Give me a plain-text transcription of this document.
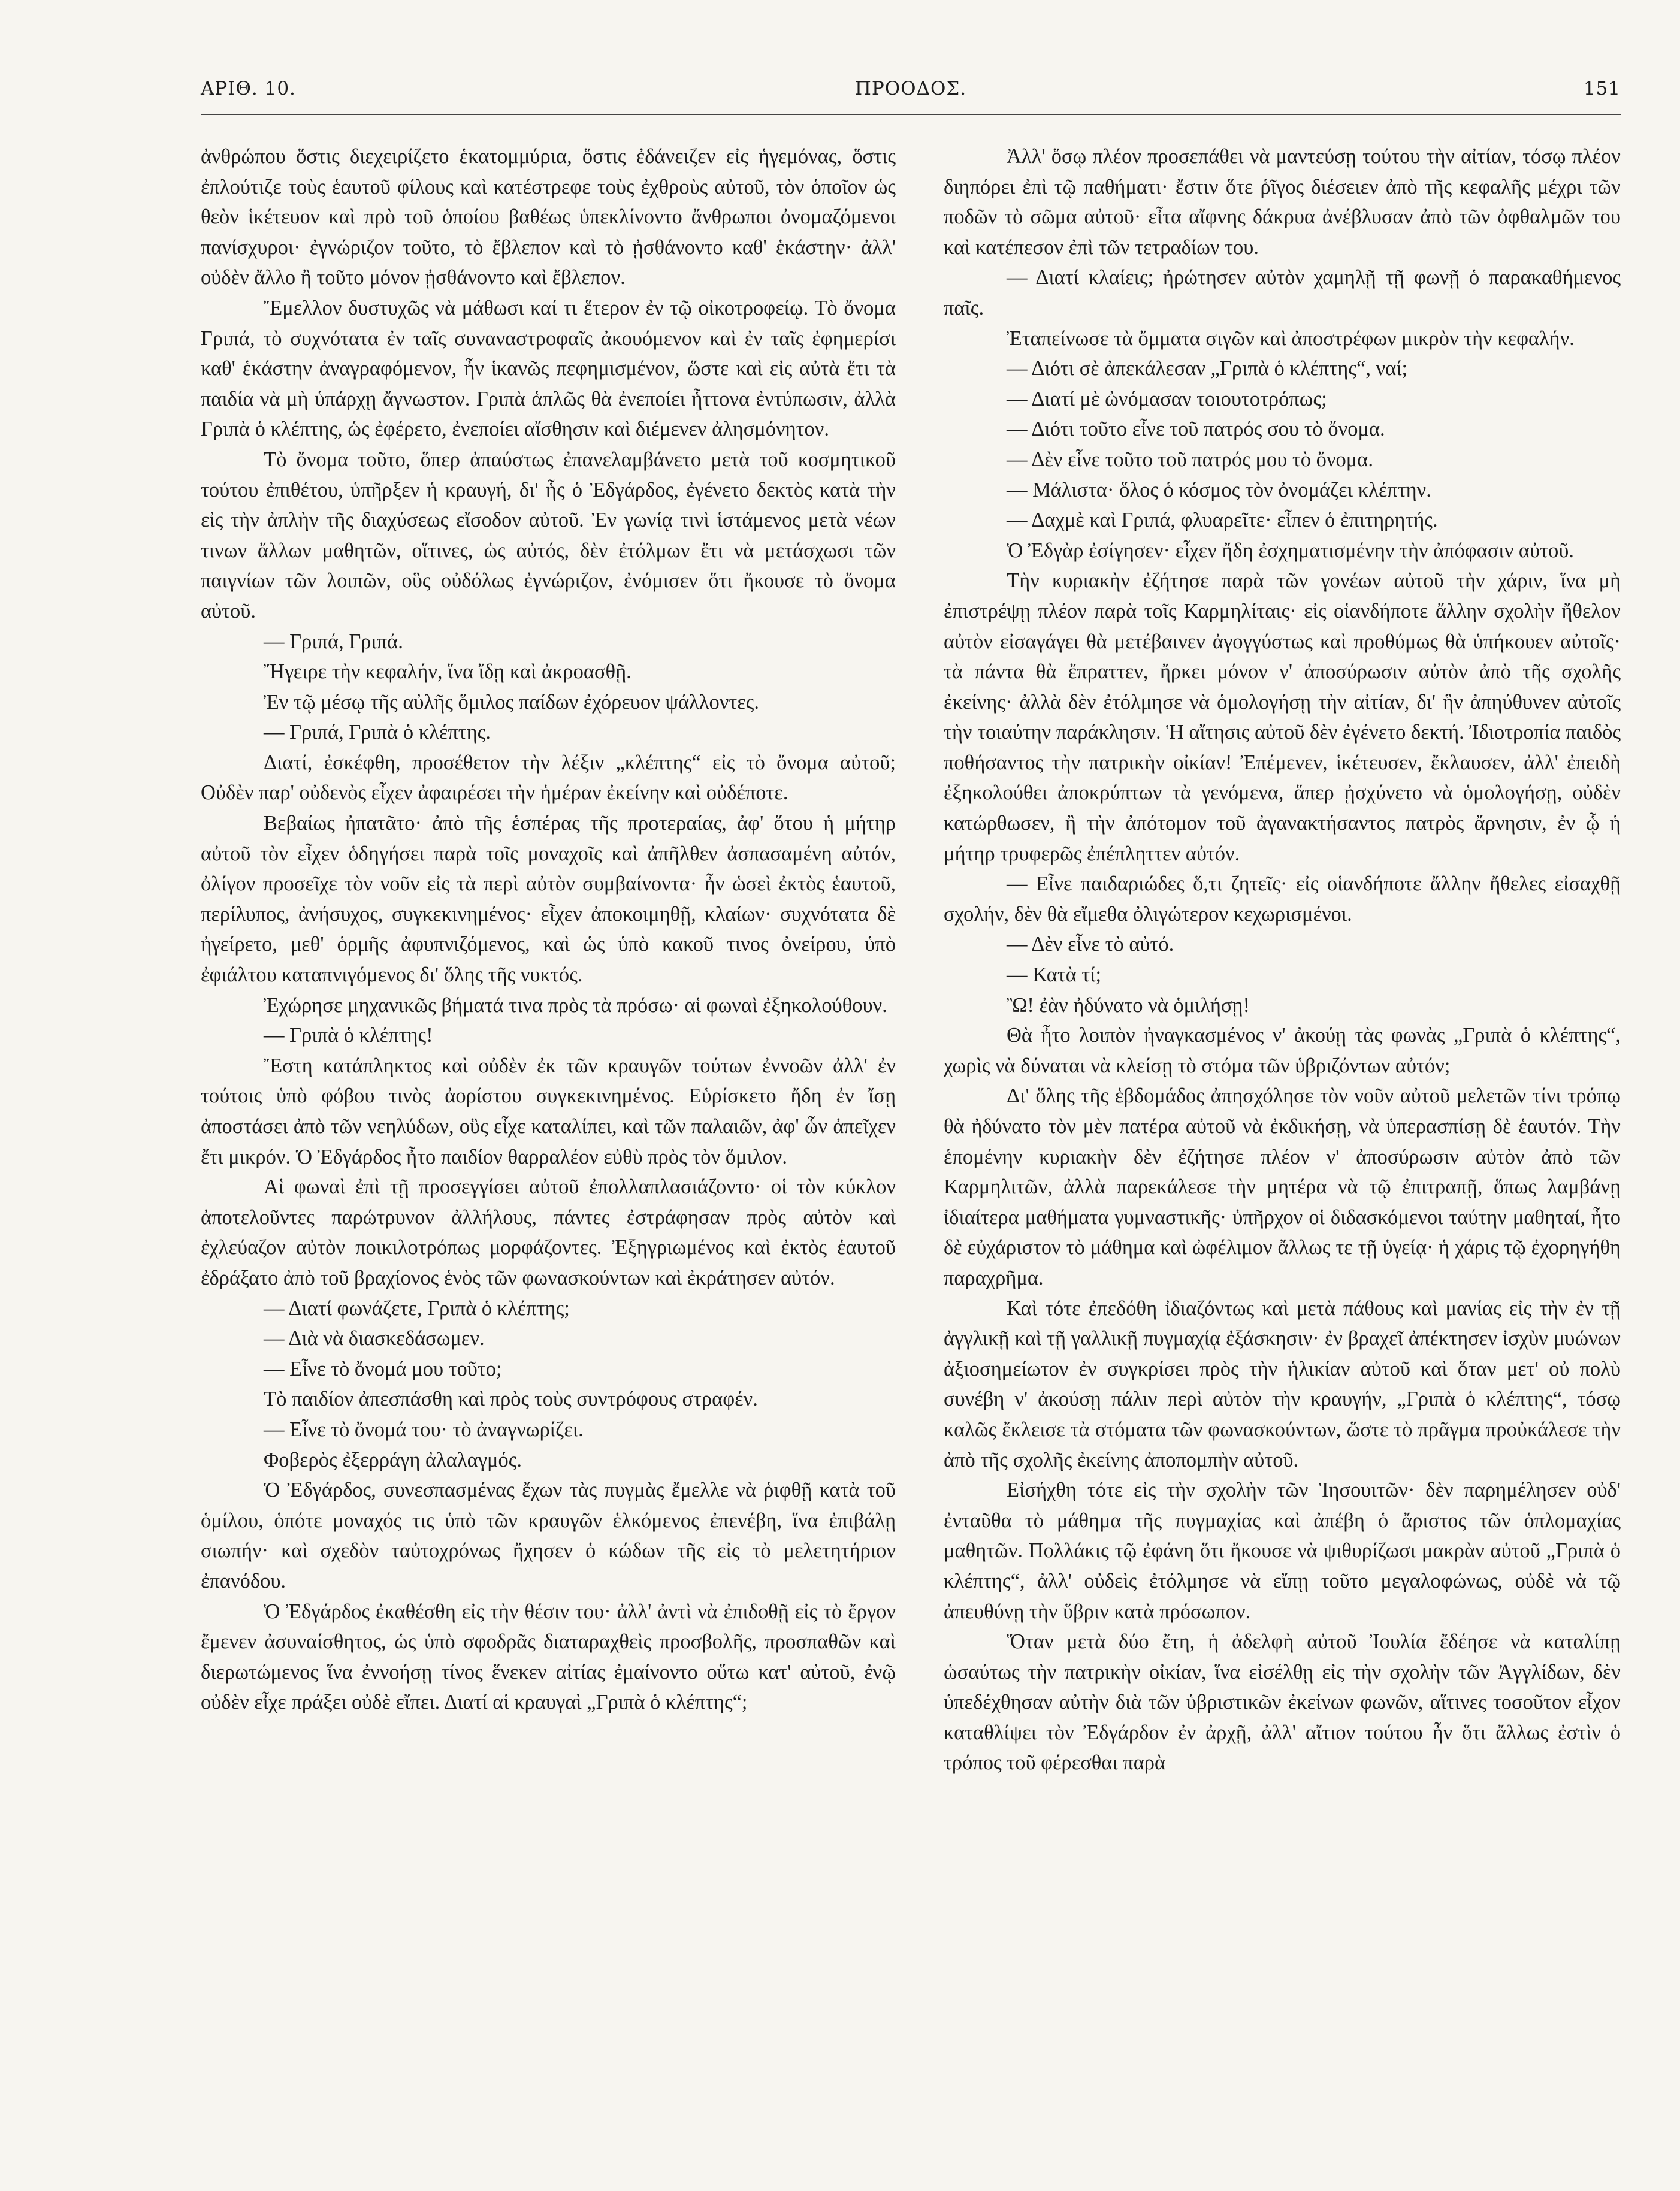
ΑΡΙΘ. 10.	ΠΡΟΟΔΟΣ.	151

ἀνθρώπου ὅστις διεχειρίζετο ἑκατομμύρια, ὅστις ἐδάνειζεν εἰς ἡγεμόνας, ὅστις ἐπλούτιζε τοὺς ἑαυτοῦ φίλους καὶ κατέστρεφε τοὺς ἐχθροὺς αὐτοῦ, τὸν ὁποῖον ὡς θεὸν ἱκέτευον καὶ πρὸ τοῦ ὁποίου βαθέως ὑπεκλίνοντο ἄνθρωποι ὀνομαζόμενοι πανίσχυροι· ἐγνώριζον τοῦτο, τὸ ἔβλεπον καὶ τὸ ᾐσθάνοντο καθ' ἑκάστην· ἀλλ' οὐδὲν ἄλλο ἢ τοῦτο μόνον ᾐσθάνοντο καὶ ἔβλεπον.

Ἔμελλον δυστυχῶς νὰ μάθωσι καί τι ἕτερον ἐν τῷ οἰκοτροφείῳ. Τὸ ὄνομα Γριπά, τὸ συχνότατα ἐν ταῖς συναναστροφαῖς ἀκουόμενον καὶ ἐν ταῖς ἐφημερίσι καθ' ἑκάστην ἀναγραφόμενον, ἦν ἱκανῶς πεφημισμένον, ὥστε καὶ εἰς αὐτὰ ἔτι τὰ παιδία νὰ μὴ ὑπάρχῃ ἄγνωστον. Γριπὰ ἁπλῶς θὰ ἐνεποίει ἧττονα ἐντύπωσιν, ἀλλὰ Γριπὰ ὁ κλέπτης, ὡς ἐφέρετο, ἐνεποίει αἴσθησιν καὶ διέμενεν ἀλησμόνητον.

Τὸ ὄνομα τοῦτο, ὅπερ ἀπαύστως ἐπανελαμβάνετο μετὰ τοῦ κοσμητικοῦ τούτου ἐπιθέτου, ὑπῆρξεν ἡ κραυγή, δι' ἧς ὁ Ἐδγάρδος, ἐγένετο δεκτὸς κατὰ τὴν εἰς τὴν ἀπλὴν τῆς διαχύσεως εἴσοδον αὐτοῦ. Ἐν γωνίᾳ τινὶ ἱστάμενος μετὰ νέων τινων ἄλλων μαθητῶν, οἵτινες, ὡς αὐτός, δὲν ἐτόλμων ἔτι νὰ μετάσχωσι τῶν παιγνίων τῶν λοιπῶν, οὓς οὐδόλως ἐγνώριζον, ἐνόμισεν ὅτι ἤκουσε τὸ ὄνομα αὐτοῦ.

— Γριπά, Γριπά.

Ἤγειρε τὴν κεφαλήν, ἵνα ἴδῃ καὶ ἀκροασθῇ.

Ἐν τῷ μέσῳ τῆς αὐλῆς ὅμιλος παίδων ἐχόρευον ψάλλοντες.

— Γριπά, Γριπὰ ὁ κλέπτης.

Διατί, ἐσκέφθη, προσέθετον τὴν λέξιν „κλέπτης“ εἰς τὸ ὄνομα αὐτοῦ; Οὐδὲν παρ' οὐδενὸς εἶχεν ἀφαιρέσει τὴν ἡμέραν ἐκείνην καὶ οὐδέποτε.

Βεβαίως ἠπατᾶτο· ἀπὸ τῆς ἑσπέρας τῆς προτεραίας, ἀφ' ὅτου ἡ μήτηρ αὐτοῦ τὸν εἶχεν ὁδηγήσει παρὰ τοῖς μοναχοῖς καὶ ἀπῆλθεν ἀσπασαμένη αὐτόν, ὀλίγον προσεῖχε τὸν νοῦν εἰς τὰ περὶ αὐτὸν συμβαίνοντα· ἦν ὡσεὶ ἐκτὸς ἑαυτοῦ, περίλυπος, ἀνήσυχος, συγκεκινημένος· εἶχεν ἀποκοιμηθῇ, κλαίων· συχνότατα δὲ ἠγείρετο, μεθ' ὁρμῆς ἀφυπνιζόμενος, καὶ ὡς ὑπὸ κακοῦ τινος ὀνείρου, ὑπὸ ἐφιάλτου καταπνιγόμενος δι' ὅλης τῆς νυκτός.

Ἐχώρησε μηχανικῶς βήματά τινα πρὸς τὰ πρόσω· αἱ φωναὶ ἐξηκολούθουν.

— Γριπὰ ὁ κλέπτης!

Ἔστη κατάπληκτος καὶ οὐδὲν ἐκ τῶν κραυγῶν τούτων ἐννοῶν ἀλλ' ἐν τούτοις ὑπὸ φόβου τινὸς ἀορίστου συγκεκινημένος. Εὑρίσκετο ἤδη ἐν ἴσῃ ἀποστάσει ἀπὸ τῶν νεηλύδων, οὓς εἶχε καταλίπει, καὶ τῶν παλαιῶν, ἀφ' ὧν ἀπεῖχεν ἔτι μικρόν. Ὁ Ἐδγάρδος ἦτο παιδίον θαρραλέον εὐθὺ πρὸς τὸν ὅμιλον.

Αἱ φωναὶ ἐπὶ τῇ προσεγγίσει αὐτοῦ ἐπολλαπλασιάζοντο· οἱ τὸν κύκλον ἀποτελοῦντες παρώτρυνον ἀλλήλους, πάντες ἐστράφησαν πρὸς αὐτὸν καὶ ἐχλεύαζον αὐτὸν ποικιλοτρόπως μορφάζοντες. Ἐξηγριωμένος καὶ ἐκτὸς ἑαυτοῦ ἐδράξατο ἀπὸ τοῦ βραχίονος ἑνὸς τῶν φωνασκούντων καὶ ἐκράτησεν αὐτόν.

— Διατί φωνάζετε, Γριπὰ ὁ κλέπτης;

— Διὰ νὰ διασκεδάσωμεν.

— Εἶνε τὸ ὄνομά μου τοῦτο;

Τὸ παιδίον ἀπεσπάσθη καὶ πρὸς τοὺς συντρόφους στραφέν.

— Εἶνε τὸ ὄνομά του· τὸ ἀναγνωρίζει.

Φοβερὸς ἐξερράγη ἀλαλαγμός.

Ὁ Ἐδγάρδος, συνεσπασμένας ἔχων τὰς πυγμὰς ἔμελλε νὰ ῥιφθῇ κατὰ τοῦ ὁμίλου, ὁπότε μοναχός τις ὑπὸ τῶν κραυγῶν ἑλκόμενος ἐπενέβη, ἵνα ἐπιβάλῃ σιωπήν· καὶ σχεδὸν ταὐτοχρόνως ἤχησεν ὁ κώδων τῆς εἰς τὸ μελετητήριον ἐπανόδου.

Ὁ Ἐδγάρδος ἐκαθέσθη εἰς τὴν θέσιν του· ἀλλ' ἀντὶ νὰ ἐπιδοθῇ εἰς τὸ ἔργον ἔμενεν ἀσυναίσθητος, ὡς ὑπὸ σφοδρᾶς διαταραχθεὶς προσβολῆς, προσπαθῶν καὶ διερωτώμενος ἵνα ἐννοήσῃ τίνος ἕνεκεν αἰτίας ἐμαίνοντο οὕτω κατ' αὐτοῦ, ἐνῷ οὐδὲν εἶχε πράξει οὐδὲ εἴπει. Διατί αἱ κραυγαὶ „Γριπὰ ὁ κλέπτης“;

Ἀλλ' ὅσῳ πλέον προσεπάθει νὰ μαντεύσῃ τούτου τὴν αἰτίαν, τόσῳ πλέον διηπόρει ἐπὶ τῷ παθήματι· ἔστιν ὅτε ῥῖγος διέσειεν ἀπὸ τῆς κεφαλῆς μέχρι τῶν ποδῶν τὸ σῶμα αὐτοῦ· εἶτα αἴφνης δάκρυα ἀνέβλυσαν ἀπὸ τῶν ὀφθαλμῶν του καὶ κατέπεσον ἐπὶ τῶν τετραδίων του.

— Διατί κλαίεις; ἠρώτησεν αὐτὸν χαμηλῇ τῇ φωνῇ ὁ παρακαθήμενος παῖς.

Ἐταπείνωσε τὰ ὄμματα σιγῶν καὶ ἀποστρέφων μικρὸν τὴν κεφαλήν.

— Διότι σὲ ἀπεκάλεσαν „Γριπὰ ὁ κλέπτης“, ναί;

— Διατί μὲ ὠνόμασαν τοιουτοτρόπως;

— Διότι τοῦτο εἶνε τοῦ πατρός σου τὸ ὄνομα.

— Δὲν εἶνε τοῦτο τοῦ πατρός μου τὸ ὄνομα.

— Μάλιστα· ὅλος ὁ κόσμος τὸν ὀνομάζει κλέπτην.

— Δαχμὲ καὶ Γριπά, φλυαρεῖτε· εἶπεν ὁ ἐπιτηρητής.

Ὁ Ἐδγὰρ ἐσίγησεν· εἶχεν ἤδη ἐσχηματισμένην τὴν ἀπόφασιν αὐτοῦ.

Τὴν κυριακὴν ἐζήτησε παρὰ τῶν γονέων αὐτοῦ τὴν χάριν, ἵνα μὴ ἐπιστρέψῃ πλέον παρὰ τοῖς Καρμηλίταις· εἰς οἱανδήποτε ἄλλην σχολὴν ἤθελον αὐτὸν εἰσαγάγει θὰ μετέβαινεν ἀγογγύστως καὶ προθύμως θὰ ὑπήκουεν αὐτοῖς· τὰ πάντα θὰ ἔπραττεν, ἤρκει μόνον ν' ἀποσύρωσιν αὐτὸν ἀπὸ τῆς σχολῆς ἐκείνης· ἀλλὰ δὲν ἐτόλμησε νὰ ὁμολογήσῃ τὴν αἰτίαν, δι' ἣν ἀπηύθυνεν αὐτοῖς τὴν τοιαύτην παράκλησιν. Ἡ αἴτησις αὐτοῦ δὲν ἐγένετο δεκτή. Ἰδιοτροπία παιδὸς ποθήσαντος τὴν πατρικὴν οἰκίαν! Ἐπέμενεν, ἱκέτευσεν, ἔκλαυσεν, ἀλλ' ἐπειδὴ ἐξηκολούθει ἀποκρύπτων τὰ γενόμενα, ἅπερ ᾐσχύνετο νὰ ὁμολογήσῃ, οὐδὲν κατώρθωσεν, ἢ τὴν ἀπότομον τοῦ ἀγανακτήσαντος πατρὸς ἄρνησιν, ἐν ᾧ ἡ μήτηρ τρυφερῶς ἐπέπληττεν αὐτόν.

— Εἶνε παιδαριώδες ὅ,τι ζητεῖς· εἰς οἱανδήποτε ἄλλην ἤθελες εἰσαχθῇ σχολήν, δὲν θὰ εἴμεθα ὀλιγώτερον κεχωρισμένοι.

— Δὲν εἶνε τὸ αὐτό.

— Κατὰ τί;

Ὢ! ἐὰν ἠδύνατο νὰ ὁμιλήσῃ!

Θὰ ἦτο λοιπὸν ἠναγκασμένος ν' ἀκούῃ τὰς φωνὰς „Γριπὰ ὁ κλέπτης“, χωρὶς νὰ δύναται νὰ κλείσῃ τὸ στόμα τῶν ὑβριζόντων αὐτόν;

Δι' ὅλης τῆς ἑβδομάδος ἀπησχόλησε τὸν νοῦν αὐτοῦ μελετῶν τίνι τρόπῳ θὰ ἠδύνατο τὸν μὲν πατέρα αὐτοῦ νὰ ἐκδικήσῃ, νὰ ὑπερασπίσῃ δὲ ἑαυτόν. Τὴν ἑπομένην κυριακὴν δὲν ἐζήτησε πλέον ν' ἀποσύρωσιν αὐτὸν ἀπὸ τῶν Καρμηλιτῶν, ἀλλὰ παρεκάλεσε τὴν μητέρα νὰ τῷ ἐπιτραπῇ, ὅπως λαμβάνῃ ἰδιαίτερα μαθήματα γυμναστικῆς· ὑπῆρχον οἱ διδασκόμενοι ταύτην μαθηταί, ἦτο δὲ εὐχάριστον τὸ μάθημα καὶ ὠφέλιμον ἄλλως τε τῇ ὑγείᾳ· ἡ χάρις τῷ ἐχορηγήθη παραχρῆμα.

Καὶ τότε ἐπεδόθη ἰδιαζόντως καὶ μετὰ πάθους καὶ μανίας εἰς τὴν ἐν τῇ ἀγγλικῇ καὶ τῇ γαλλικῇ πυγμαχίᾳ ἐξάσκησιν· ἐν βραχεῖ ἀπέκτησεν ἰσχὺν μυώνων ἀξιοσημείωτον ἐν συγκρίσει πρὸς τὴν ἡλικίαν αὐτοῦ καὶ ὅταν μετ' οὐ πολὺ συνέβη ν' ἀκούσῃ πάλιν περὶ αὐτὸν τὴν κραυγήν, „Γριπὰ ὁ κλέπτης“, τόσῳ καλῶς ἔκλεισε τὰ στόματα τῶν φωνασκούντων, ὥστε τὸ πρᾶγμα προὐκάλεσε τὴν ἀπὸ τῆς σχολῆς ἐκείνης ἀποπομπὴν αὐτοῦ.

Εἰσήχθη τότε εἰς τὴν σχολὴν τῶν Ἰησουιτῶν· δὲν παρημέλησεν οὐδ' ἐνταῦθα τὸ μάθημα τῆς πυγμαχίας καὶ ἀπέβη ὁ ἄριστος τῶν ὁπλομαχίας μαθητῶν. Πολλάκις τῷ ἐφάνη ὅτι ἤκουσε νὰ ψιθυρίζωσι μακρὰν αὐτοῦ „Γριπὰ ὁ κλέπτης“, ἀλλ' οὐδεὶς ἐτόλμησε νὰ εἴπῃ τοῦτο μεγαλοφώνως, οὐδὲ νὰ τῷ ἀπευθύνῃ τὴν ὕβριν κατὰ πρόσωπον.

Ὅταν μετὰ δύο ἔτη, ἡ ἀδελφὴ αὐτοῦ Ἰουλία ἔδέησε νὰ καταλίπῃ ὡσαύτως τὴν πατρικὴν οἰκίαν, ἵνα εἰσέλθῃ εἰς τὴν σχολὴν τῶν Ἀγγλίδων, δὲν ὑπεδέχθησαν αὐτὴν διὰ τῶν ὑβριστικῶν ἐκείνων φωνῶν, αἵτινες τοσοῦτον εἶχον καταθλίψει τὸν Ἐδγάρδον ἐν ἀρχῇ, ἀλλ' αἴτιον τούτου ἦν ὅτι ἄλλως ἐστὶν ὁ τρόπος τοῦ φέρεσθαι παρὰ
